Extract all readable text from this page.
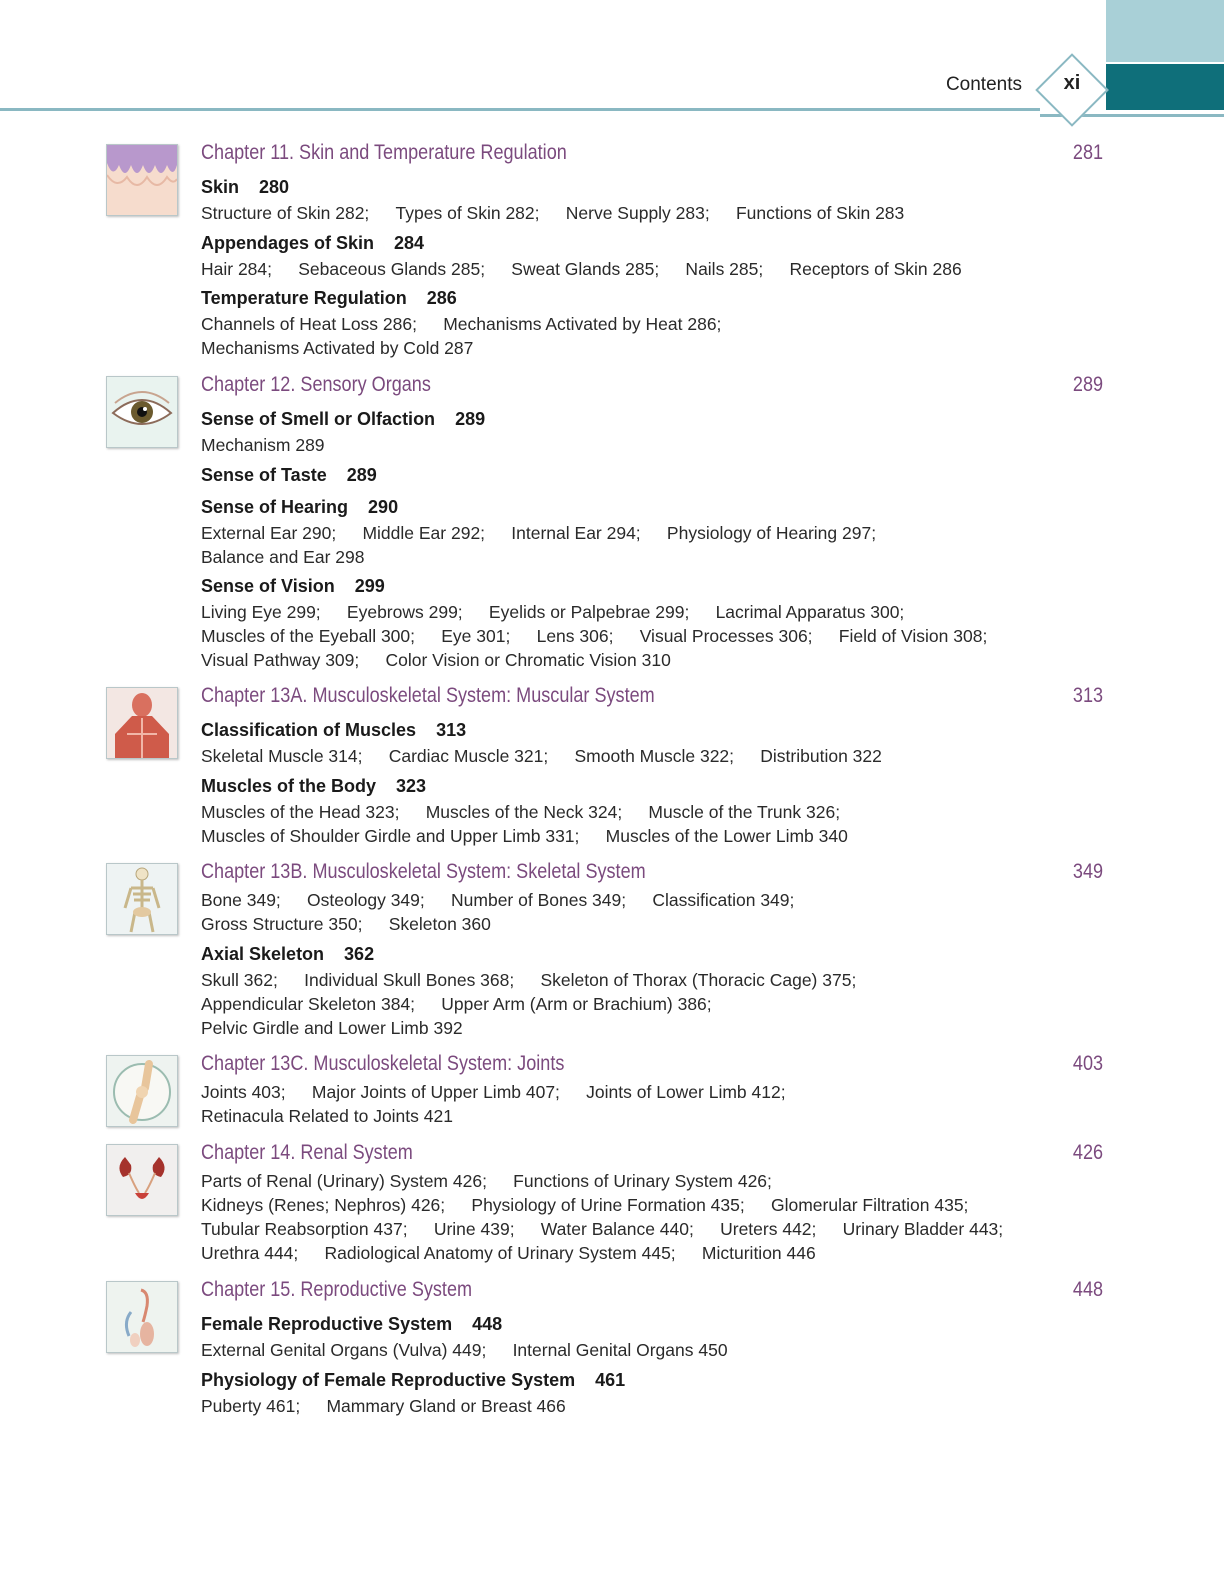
Contents	xi
Chapter 11. Skin and Temperature Regulation	281
Skin 280
Structure of Skin 282;  Types of Skin 282;  Nerve Supply 283;  Functions of Skin 283
Appendages of Skin 284
Hair 284;  Sebaceous Glands 285;  Sweat Glands 285;  Nails 285;  Receptors of Skin 286
Temperature Regulation 286
Channels of Heat Loss 286;  Mechanisms Activated by Heat 286;
Mechanisms Activated by Cold 287
Chapter 12. Sensory Organs	289
Sense of Smell or Olfaction 289
Mechanism 289
Sense of Taste 289
Sense of Hearing 290
External Ear 290;  Middle Ear 292;  Internal Ear 294;  Physiology of Hearing 297;
Balance and Ear 298
Sense of Vision 299
Living Eye 299;  Eyebrows 299;  Eyelids or Palpebrae 299;  Lacrimal Apparatus 300;
Muscles of the Eyeball 300;  Eye 301;  Lens 306;  Visual Processes 306;  Field of Vision 308;
Visual Pathway 309;  Color Vision or Chromatic Vision 310
Chapter 13A. Musculoskeletal System: Muscular System	313
Classification of Muscles 313
Skeletal Muscle 314;  Cardiac Muscle 321;  Smooth Muscle 322;  Distribution 322
Muscles of the Body 323
Muscles of the Head 323;  Muscles of the Neck 324;  Muscle of the Trunk 326;
Muscles of Shoulder Girdle and Upper Limb 331;  Muscles of the Lower Limb 340
Chapter 13B. Musculoskeletal System: Skeletal System	349
Bone 349;  Osteology 349;  Number of Bones 349;  Classification 349;
Gross Structure 350;  Skeleton 360
Axial Skeleton 362
Skull 362;  Individual Skull Bones 368;  Skeleton of Thorax (Thoracic Cage) 375;
Appendicular Skeleton 384;  Upper Arm (Arm or Brachium) 386;
Pelvic Girdle and Lower Limb 392
Chapter 13C. Musculoskeletal System: Joints	403
Joints 403;  Major Joints of Upper Limb 407;  Joints of Lower Limb 412;
Retinacula Related to Joints 421
Chapter 14. Renal System	426
Parts of Renal (Urinary) System 426;  Functions of Urinary System 426;
Kidneys (Renes; Nephros) 426;  Physiology of Urine Formation 435;  Glomerular Filtration 435;
Tubular Reabsorption 437;  Urine 439;  Water Balance 440;  Ureters 442;  Urinary Bladder 443;
Urethra 444;  Radiological Anatomy of Urinary System 445;  Micturition 446
Chapter 15. Reproductive System	448
Female Reproductive System 448
External Genital Organs (Vulva) 449;  Internal Genital Organs 450
Physiology of Female Reproductive System 461
Puberty 461;  Mammary Gland or Breast 466
